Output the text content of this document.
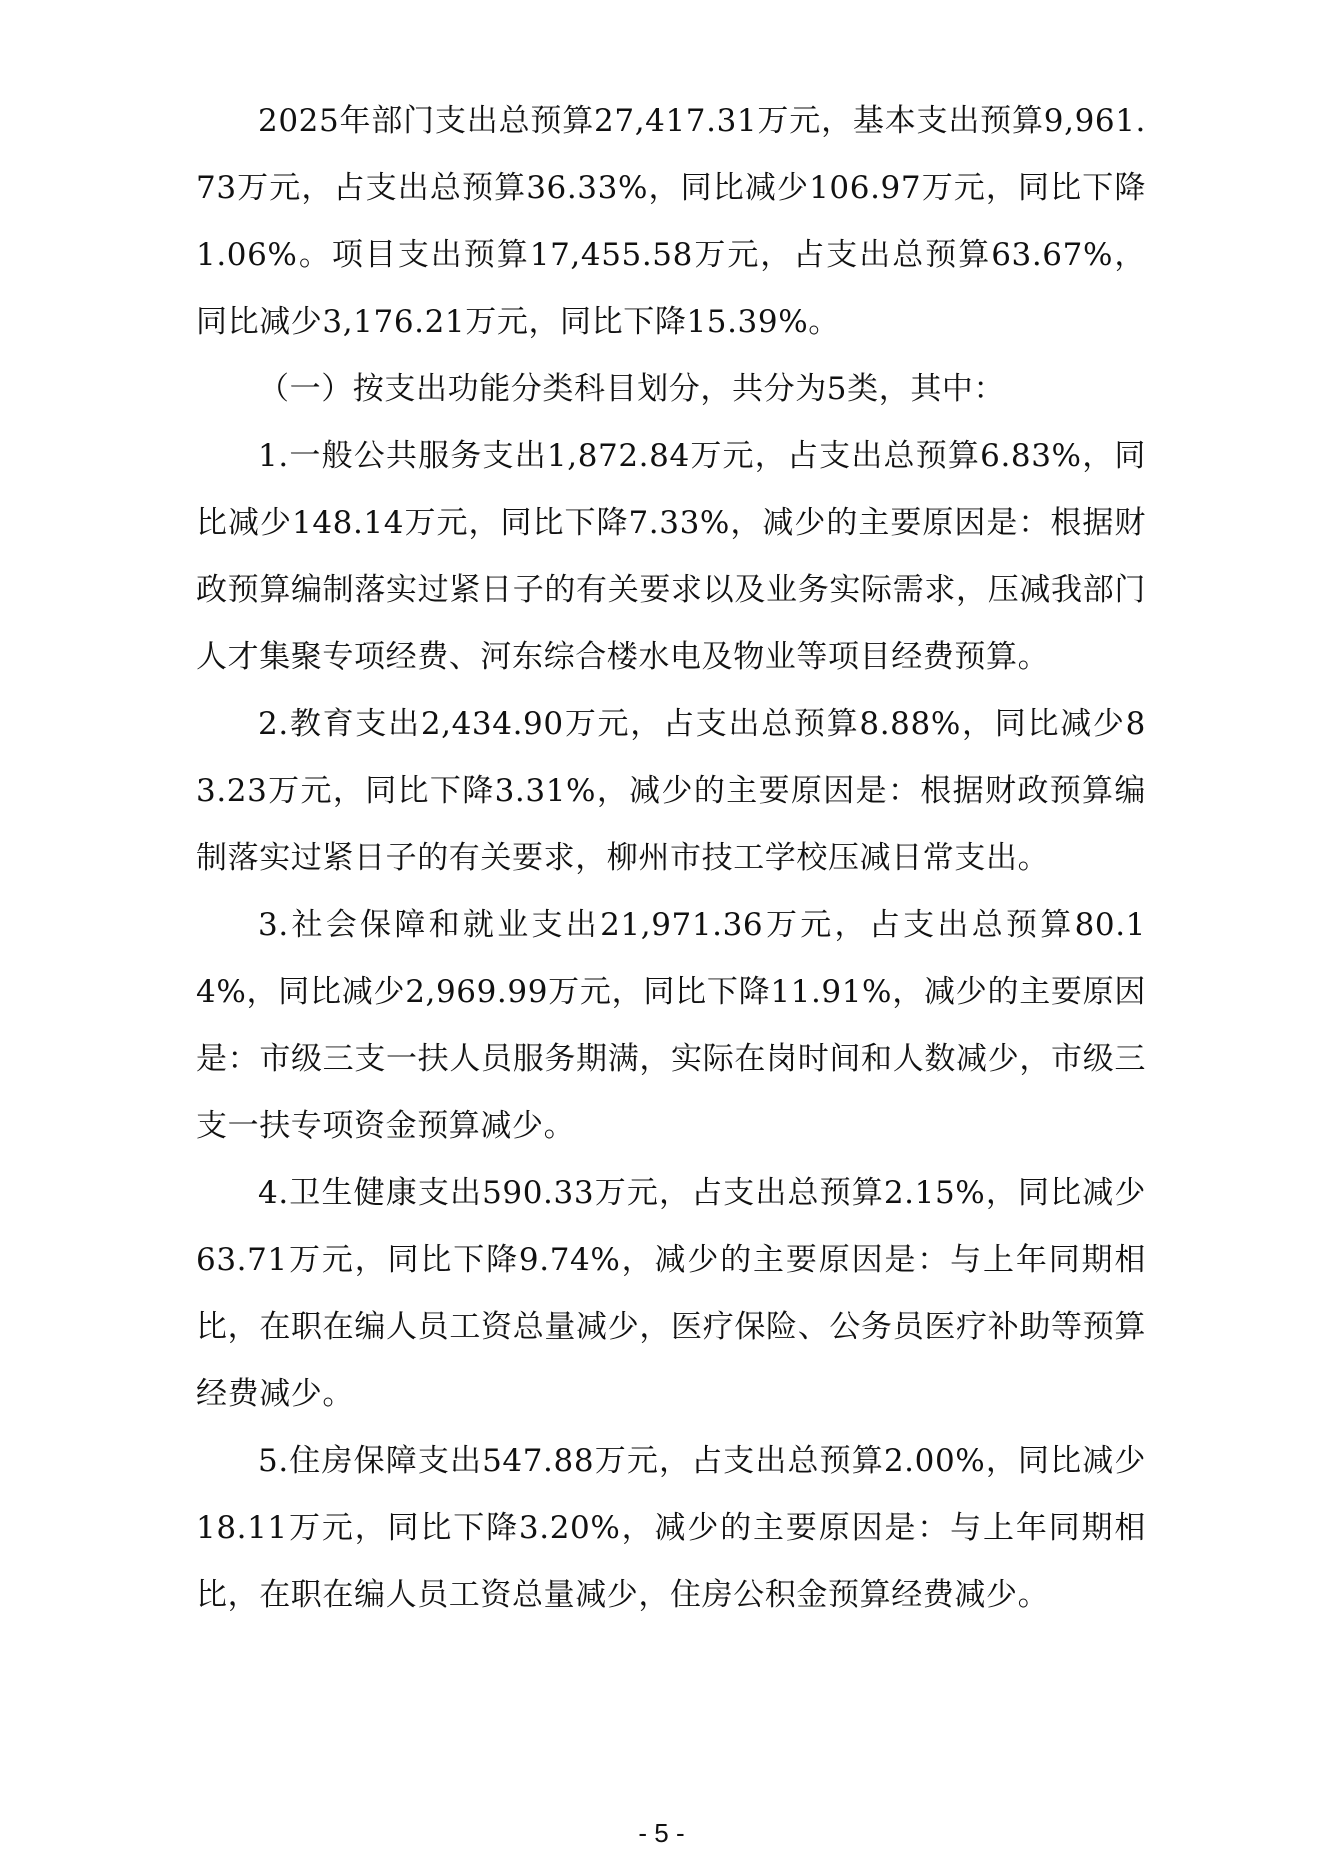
2025年部门支出总预算27,417.31万元，基本支出预算9,961.73万元，占支出总预算36.33%，同比减少106.97万元，同比下降1.06%。项目支出预算17,455.58万元，占支出总预算63.67%，同比减少3,176.21万元，同比下降15.39%。

（一）按支出功能分类科目划分，共分为5类，其中：

1.一般公共服务支出1,872.84万元，占支出总预算6.83%，同比减少148.14万元，同比下降7.33%，减少的主要原因是：根据财政预算编制落实过紧日子的有关要求以及业务实际需求，压减我部门人才集聚专项经费、河东综合楼水电及物业等项目经费预算。

2.教育支出2,434.90万元，占支出总预算8.88%，同比减少83.23万元，同比下降3.31%，减少的主要原因是：根据财政预算编制落实过紧日子的有关要求，柳州市技工学校压减日常支出。

3.社会保障和就业支出21,971.36万元，占支出总预算80.14%，同比减少2,969.99万元，同比下降11.91%，减少的主要原因是：市级三支一扶人员服务期满，实际在岗时间和人数减少，市级三支一扶专项资金预算减少。

4.卫生健康支出590.33万元，占支出总预算2.15%，同比减少63.71万元，同比下降9.74%，减少的主要原因是：与上年同期相比，在职在编人员工资总量减少，医疗保险、公务员医疗补助等预算经费减少。

5.住房保障支出547.88万元，占支出总预算2.00%，同比减少18.11万元，同比下降3.20%，减少的主要原因是：与上年同期相比，在职在编人员工资总量减少，住房公积金预算经费减少。

- 5 -
